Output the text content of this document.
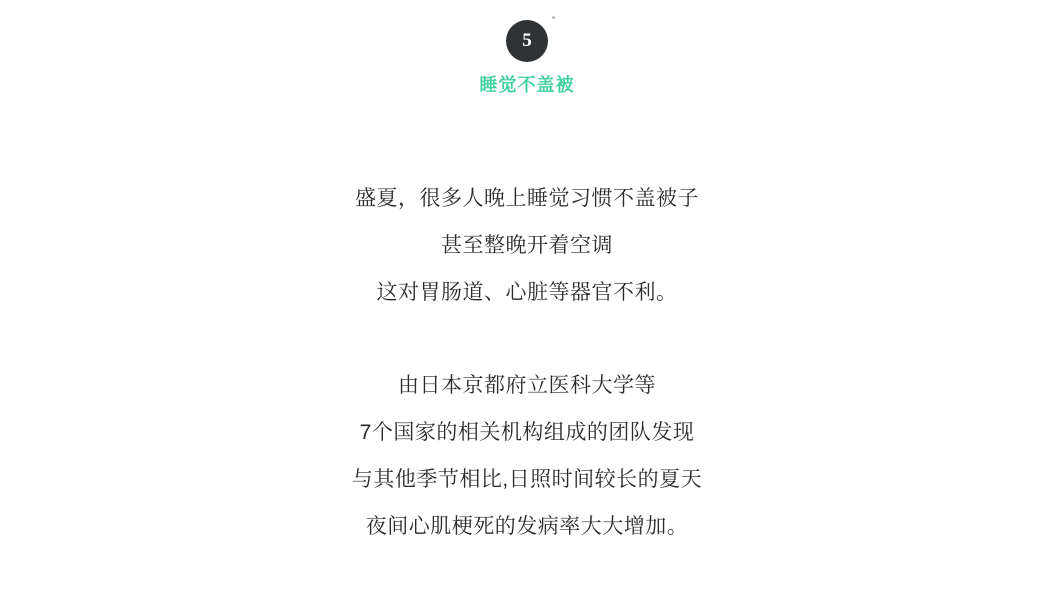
5
睡觉不盖被
盛夏，很多人晚上睡觉习惯不盖被子
甚至整晚开着空调
这对胃肠道、心脏等器官不利。
由日本京都府立医科大学等
7个国家的相关机构组成的团队发现
与其他季节相比,日照时间较长的夏天
夜间心肌梗死的发病率大大增加。
